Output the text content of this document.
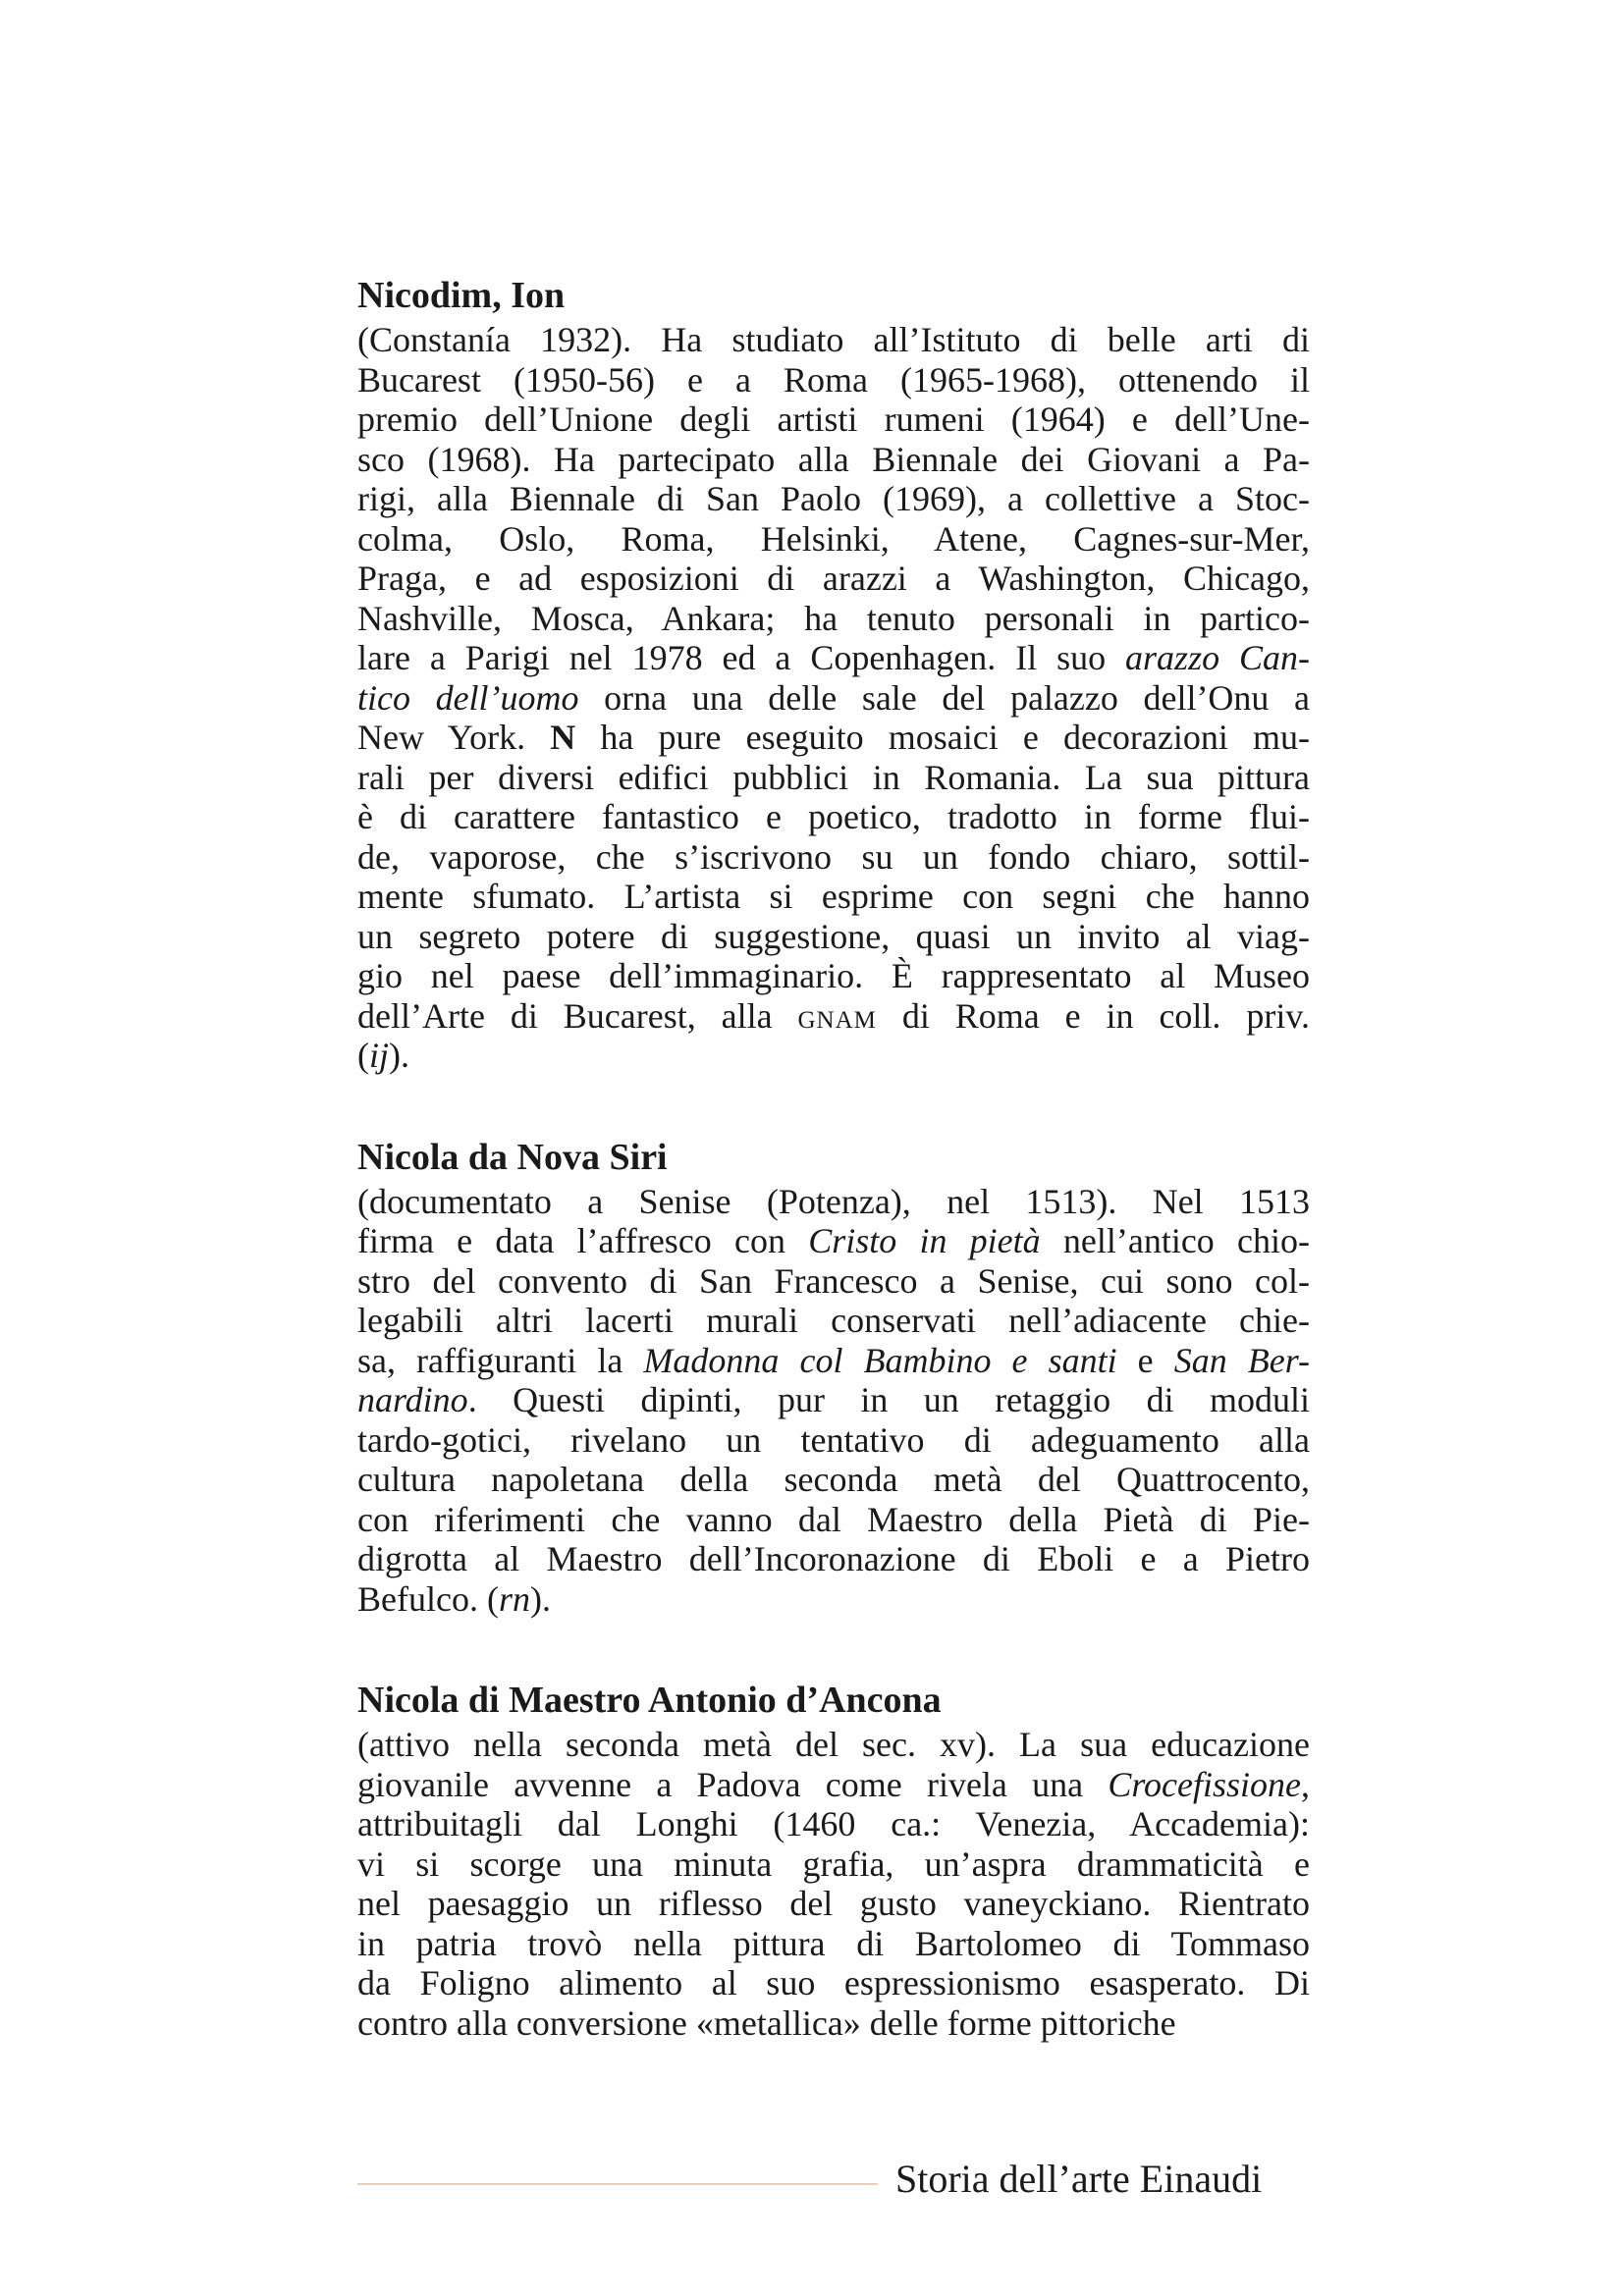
Nicodim, Ion
(Constanía 1932). Ha studiato all’Istituto di belle arti di
Bucarest (1950-56) e a Roma (1965-1968), ottenendo il
premio dell’Unione degli artisti rumeni (1964) e dell’Une-
sco (1968). Ha partecipato alla Biennale dei Giovani a Pa-
rigi, alla Biennale di San Paolo (1969), a collettive a Stoc-
colma, Oslo, Roma, Helsinki, Atene, Cagnes-sur-Mer,
Praga, e ad esposizioni di arazzi a Washington, Chicago,
Nashville, Mosca, Ankara; ha tenuto personali in partico-
lare a Parigi nel 1978 ed a Copenhagen. Il suo arazzo Can-
tico dell’uomo orna una delle sale del palazzo dell’Onu a
New York. N ha pure eseguito mosaici e decorazioni mu-
rali per diversi edifici pubblici in Romania. La sua pittura
è di carattere fantastico e poetico, tradotto in forme flui-
de, vaporose, che s’iscrivono su un fondo chiaro, sottil-
mente sfumato. L’artista si esprime con segni che hanno
un segreto potere di suggestione, quasi un invito al viag-
gio nel paese dell’immaginario. È rappresentato al Museo
dell’Arte di Bucarest, alla gnam di Roma e in coll. priv.
(ij).
Nicola da Nova Siri
(documentato a Senise (Potenza), nel 1513). Nel 1513
firma e data l’affresco con Cristo in pietà nell’antico chio-
stro del convento di San Francesco a Senise, cui sono col-
legabili altri lacerti murali conservati nell’adiacente chie-
sa, raffiguranti la Madonna col Bambino e santi e San Ber-
nardino. Questi dipinti, pur in un retaggio di moduli
tardo-gotici, rivelano un tentativo di adeguamento alla
cultura napoletana della seconda metà del Quattrocento,
con riferimenti che vanno dal Maestro della Pietà di Pie-
digrotta al Maestro dell’Incoronazione di Eboli e a Pietro
Befulco. (rn).
Nicola di Maestro Antonio d’Ancona
(attivo nella seconda metà del sec. xv). La sua educazione
giovanile avvenne a Padova come rivela una Crocefissione,
attribuitagli dal Longhi (1460 ca.: Venezia, Accademia):
vi si scorge una minuta grafia, un’aspra drammaticità e
nel paesaggio un riflesso del gusto vaneyckiano. Rientrato
in patria trovò nella pittura di Bartolomeo di Tommaso
da Foligno alimento al suo espressionismo esasperato. Di
contro alla conversione «metallica» delle forme pittoriche
Storia dell’arte Einaudi
